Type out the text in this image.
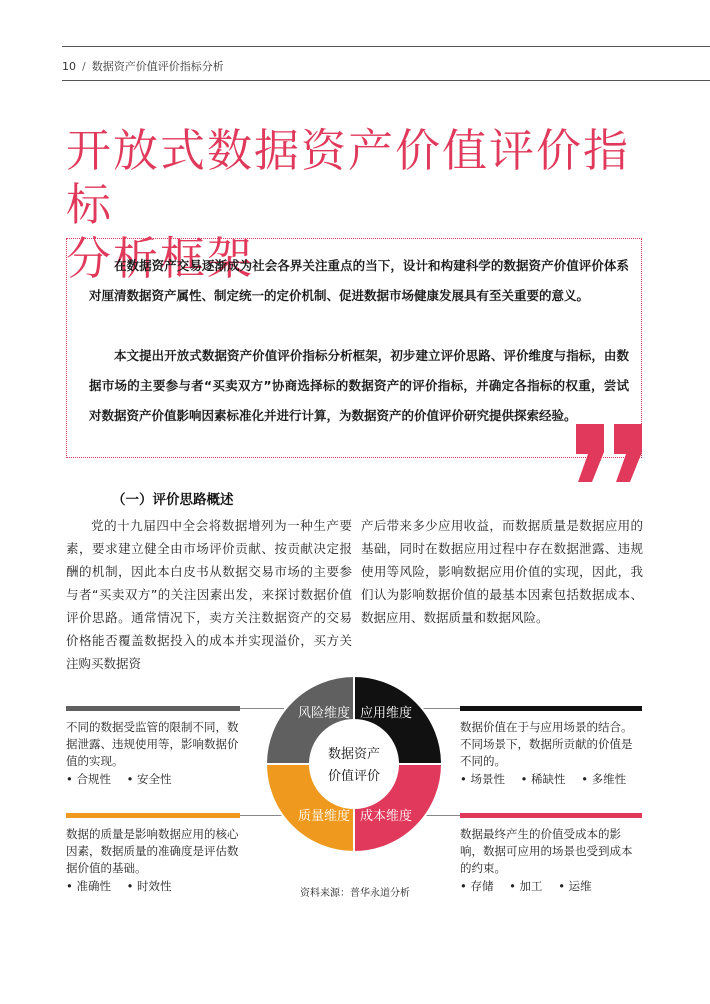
10 / 数据资产价值评价指标分析
开放式数据资产价值评价指标
分析框架

在数据资产交易逐渐成为社会各界关注重点的当下，设计和构建科学的数据资产价值评价体系对厘清数据资产属性、制定统一的定价机制、促进数据市场健康发展具有至关重要的意义。

本文提出开放式数据资产价值评价指标分析框架，初步建立评价思路、评价维度与指标，由数据市场的主要参与者“买卖双方”协商选择标的数据资产的评价指标，并确定各指标的权重，尝试对数据资产价值影响因素标准化并进行计算，为数据资产的价值评价研究提供探索经验。

（一）评价思路概述

党的十九届四中全会将数据增列为一种生产要素，要求建立健全由市场评价贡献、按贡献决定报酬的机制，因此本白皮书从数据交易市场的主要参与者“买卖双方”的关注因素出发，来探讨数据价值评价思路。通常情况下，卖方关注数据资产的交易价格能否覆盖数据投入的成本并实现溢价，买方关注购买数据资

产后带来多少应用收益，而数据质量是数据应用的基础，同时在数据应用过程中存在数据泄露、违规使用等风险，影响数据应用价值的实现，因此，我们认为影响数据价值的最基本因素包括数据成本、数据应用、数据质量和数据风险。

不同的数据受监管的限制不同，数据泄露、违规使用等，影响数据价值的实现。

• 合规性 • 安全性

数据价值在于与应用场景的结合。不同场景下，数据所贡献的价值是不同的。

• 场景性 • 稀缺性 • 多维性

数据的质量是影响数据应用的核心因素，数据质量的准确度是评估数据价值的基础。

• 准确性 • 时效性

数据最终产生的价值受成本的影响，数据可应用的场景也受到成本的约束。

• 存储 • 加工 • 运维
风险维度 应用维度
质量维度 成本维度
数据资产
价值评价
资料来源：普华永道分析
